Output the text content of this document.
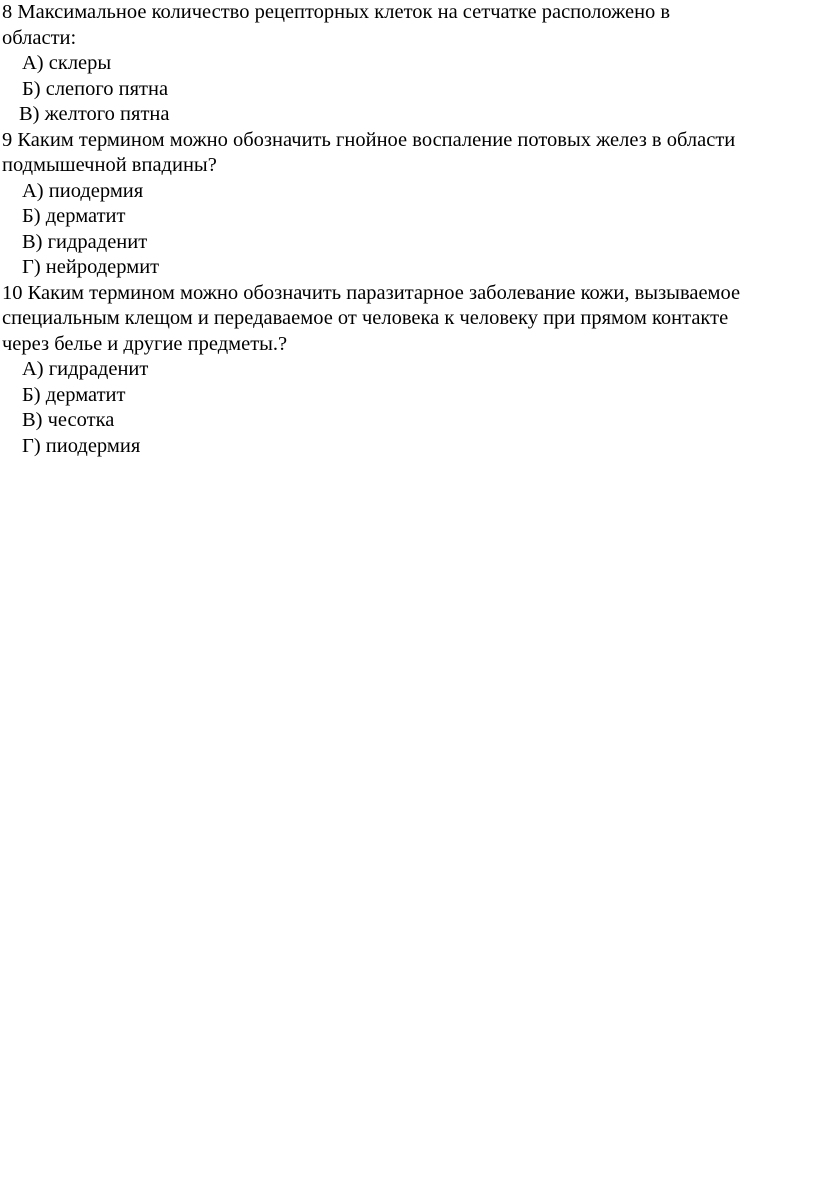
8 Максимальное количество рецепторных клеток на сетчатке расположено в
области:
А) склеры
Б) слепого пятна
В) желтого пятна
9 Каким термином можно обозначить гнойное воспаление потовых желез в области
подмышечной впадины?
А) пиодермия
Б) дерматит
В) гидраденит
Г) нейродермит
10 Каким термином можно обозначить паразитарное заболевание кожи, вызываемое
специальным клещом и передаваемое от человека к человеку при прямом контакте
через белье и другие предметы.?
А) гидраденит
Б) дерматит
В) чесотка
Г) пиодермия
